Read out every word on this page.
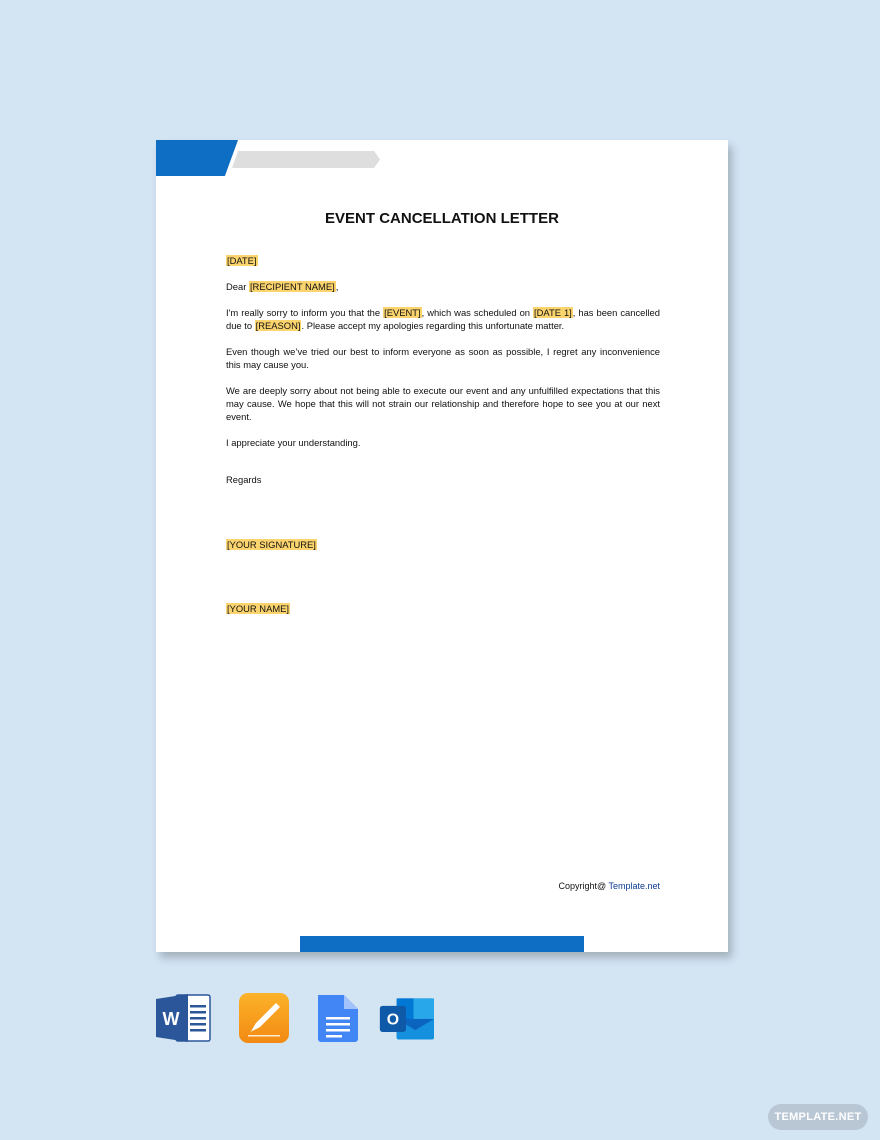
EVENT CANCELLATION LETTER

[DATE]

Dear [RECIPIENT NAME],

I'm really sorry to inform you that the [EVENT], which was scheduled on [DATE 1], has been cancelled due to [REASON]. Please accept my apologies regarding this unfortunate matter.

Even though we’ve tried our best to inform everyone as soon as possible, I regret any inconvenience this may cause you.

We are deeply sorry about not being able to execute our event and any unfulfilled expectations that this may cause. We hope that this will not strain our relationship and therefore hope to see you at our next event.

I appreciate your understanding.

Regards

[YOUR SIGNATURE]

[YOUR NAME]

Copyright@ Template.net
W	O
TEMPLATE.NET
